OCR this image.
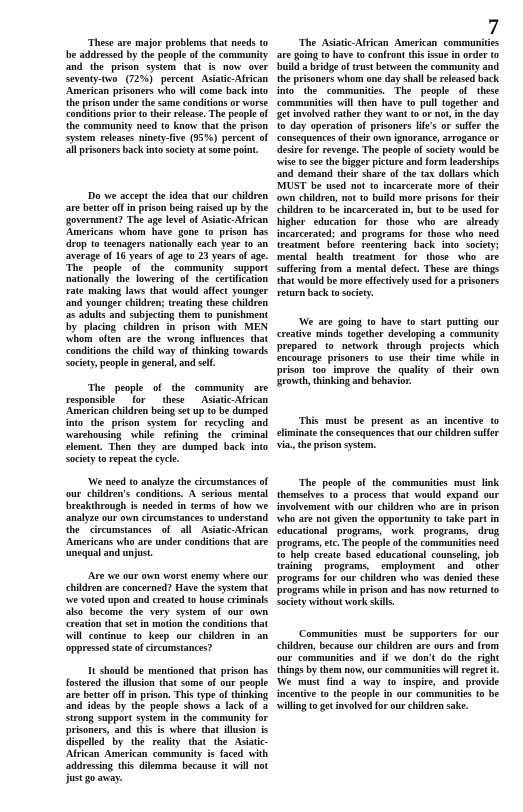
7

These are major problems that needs to be addressed by the people of the community and the prison system that is now over seventy-two (72%) percent Asiatic-African American prisoners who will come back into the prison under the same conditions or worse conditions prior to their release. The people of the community need to know that the prison system releases ninety-five (95%) percent of all prisoners back into society at some point.

Do we accept the idea that our children are better off in prison being raised up by the government? The age level of Asiatic-African Americans whom have gone to prison has drop to teenagers nationally each year to an average of 16 years of age to 23 years of age. The people of the community support nationally the lowering of the certification rate making laws that would affect younger and younger children; treating these children as adults and subjecting them to punishment by placing children in prison with MEN whom often are the wrong influences that conditions the child way of thinking towards society, people in general, and self.

The people of the community are responsible for these Asiatic-African American children being set up to be dumped into the prison system for recycling and warehousing while refining the criminal element. Then they are dumped back into society to repeat the cycle.

We need to analyze the circumstances of our children's conditions. A serious mental breakthrough is needed in terms of how we analyze our own circumstances to understand the circumstances of all Asiatic-African Americans who are under conditions that are unequal and unjust.

Are we our own worst enemy where our children are concerned? Have the system that we voted upon and created to house criminals also become the very system of our own creation that set in motion the conditions that will continue to keep our children in an oppressed state of circumstances?

It should be mentioned that prison has fostered the illusion that some of our people are better off in prison. This type of thinking and ideas by the people shows a lack of a strong support system in the community for prisoners, and this is where that illusion is dispelled by the reality that the Asiatic-African American community is faced with addressing this dilemma because it will not just go away.

The Asiatic-African American communities are going to have to confront this issue in order to build a bridge of trust between the community and the prisoners whom one day shall be released back into the communities. The people of these communities will then have to pull together and get involved rather they want to or not, in the day to day operation of prisoners life's or suffer the consequences of their own ignorance, arrogance or desire for revenge. The people of society would be wise to see the bigger picture and form leaderships and demand their share of the tax dollars which MUST be used not to incarcerate more of their own children, not to build more prisons for their children to be incarcerated in, but to be used for higher education for those who are already incarcerated; and programs for those who need treatment before reentering back into society; mental health treatment for those who are suffering from a mental defect. These are things that would be more effectively used for a prisoners return back to society.

We are going to have to start putting our creative minds together developing a community prepared to network through projects which encourage prisoners to use their time while in prison too improve the quality of their own growth, thinking and behavior.

This must be present as an incentive to eliminate the consequences that our children suffer via., the prison system.

The people of the communities must link themselves to a process that would expand our involvement with our children who are in prison who are not given the opportunity to take part in educational programs, work programs, drug programs, etc. The people of the communities need to help create based educational counseling, job training programs, employment and other programs for our children who was denied these programs while in prison and has now returned to society without work skills.

Communities must be supporters for our children, because our children are ours and from our communities and if we don't do the right things by them now, our communities will regret it. We must find a way to inspire, and provide incentive to the people in our communities to be willing to get involved for our children sake.
